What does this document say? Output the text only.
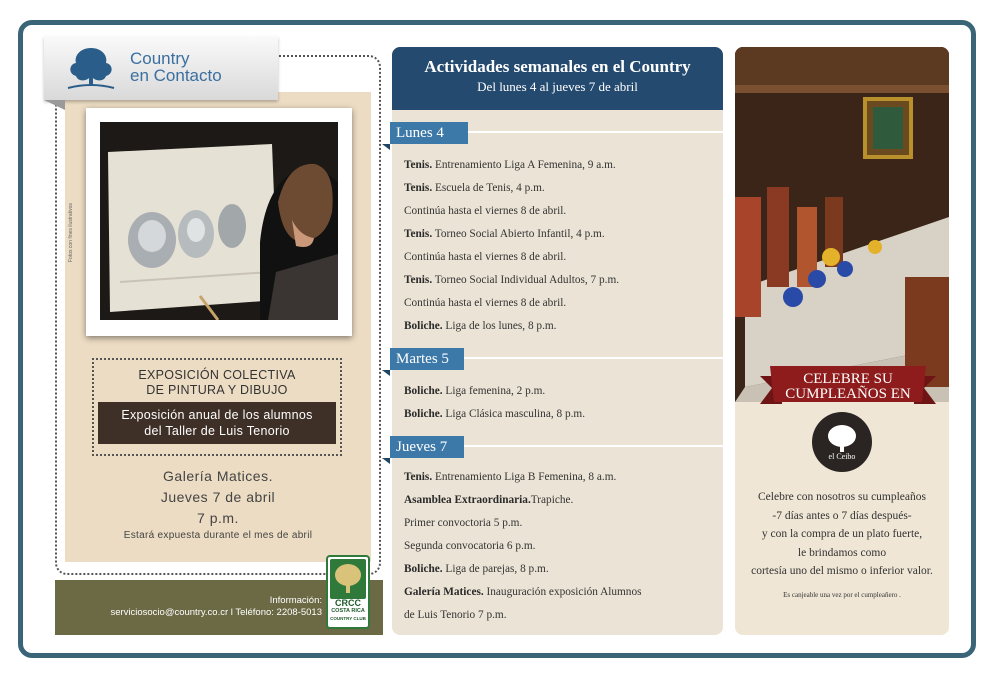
Country
en Contacto
Fotos con fines ilustrativos
EXPOSICIÓN COLECTIVA
DE PINTURA Y DIBUJO
Exposición anual de los alumnos
del Taller de Luis Tenorio
Galería Matices.
Jueves 7 de abril
7 p.m.
Estará expuesta durante el mes de abril
Información:
serviciosocio@country.co.cr l Teléfono: 2208-5013
CRCC
COSTA RICA
COUNTRY CLUB
Actividades semanales en el Country
Del lunes 4 al jueves 7 de abril
Lunes 4
Tenis. Entrenamiento Liga A Femenina, 9 a.m.
Tenis. Escuela de Tenis, 4 p.m.
Continúa hasta el viernes 8 de abril.
Tenis. Torneo Social Abierto Infantil, 4 p.m.
Continúa hasta el viernes 8 de abril.
Tenis. Torneo Social Individual Adultos, 7 p.m.
Continúa hasta el viernes 8 de abril.
Boliche. Liga de los lunes, 8 p.m.
Martes 5
Boliche. Liga femenina, 2 p.m.
Boliche. Liga Clásica masculina, 8 p.m.
Jueves 7
Tenis. Entrenamiento Liga B Femenina, 8 a.m.
Asamblea Extraordinaria.Trapiche.
Primer convoctoria 5 p.m.
Segunda convocatoria 6 p.m.
Boliche. Liga de parejas, 8 p.m.
Galería Matices. Inauguración exposición Alumnos
de Luis Tenorio 7 p.m.
CELEBRE SU
CUMPLEAÑOS EN
el Ceibo
Celebre con nosotros su cumpleaños
-7 días antes o 7 días después-
y con la compra de un plato fuerte,
le brindamos como
cortesía uno del mismo o inferior valor.
Es canjeable una vez por el cumpleañero .
